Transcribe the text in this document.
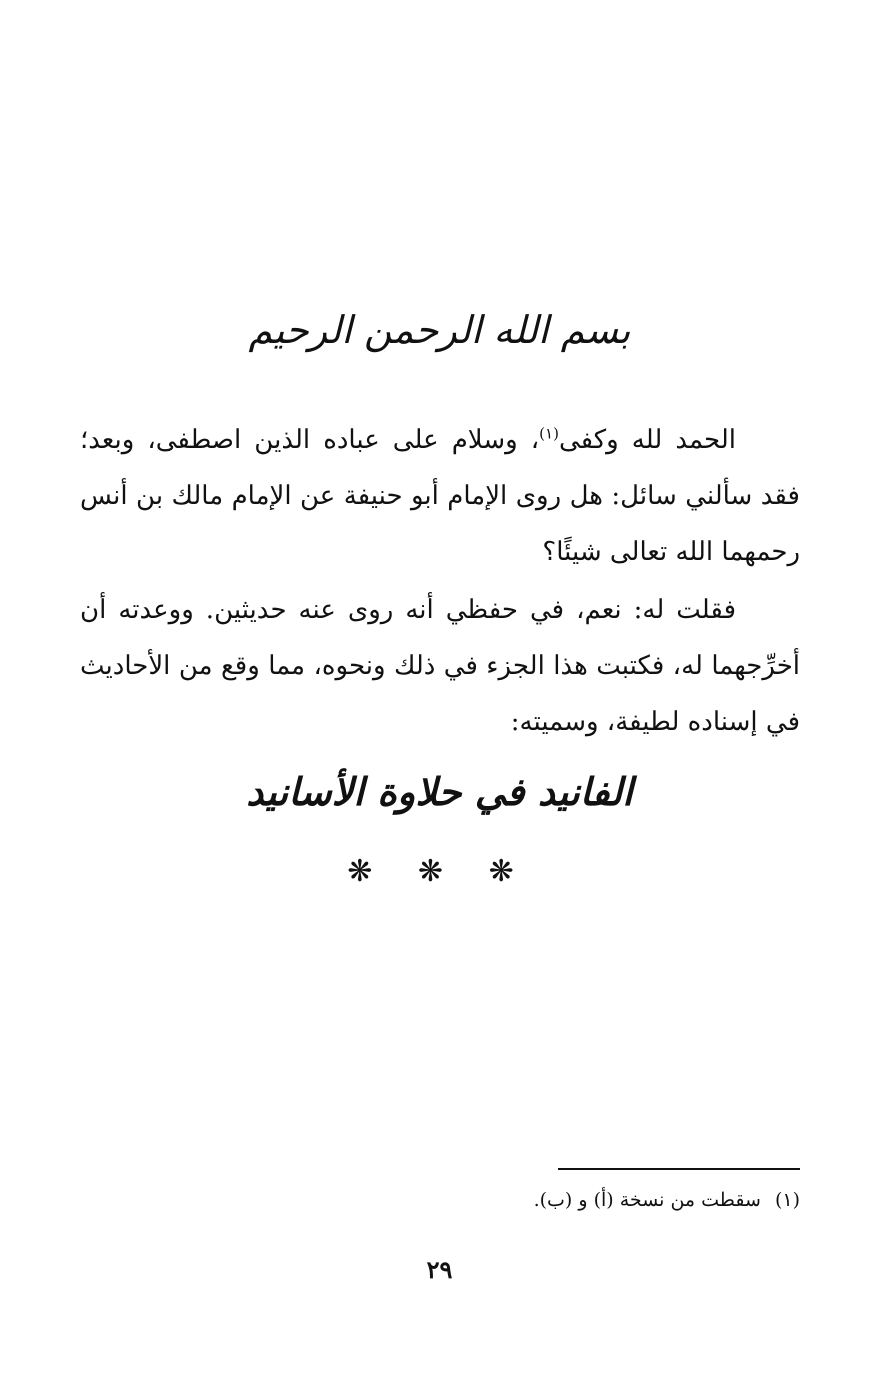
بسم الله الرحمن الرحيم
الحمد لله وكفى$^{(١)}$، وسلام على عباده الذين اصطفى، وبعد؛ فقد سألني سائل: هل روى الإمام أبو حنيفة عن الإمام مالك بن أنس رحمهما الله تعالى شيئًا؟
فقلت له: نعم، في حفظي أنه روى عنه حديثين. ووعدته أن أخرِّجهما له، فكتبت هذا الجزء في ذلك ونحوه، مما وقع من الأحاديث في إسناده لطيفة، وسميته:
الفانيد في حلاوة الأسانيد
❋ ❋ ❋
(١)سقطت من نسخة (أ) و (ب).
٢٩
